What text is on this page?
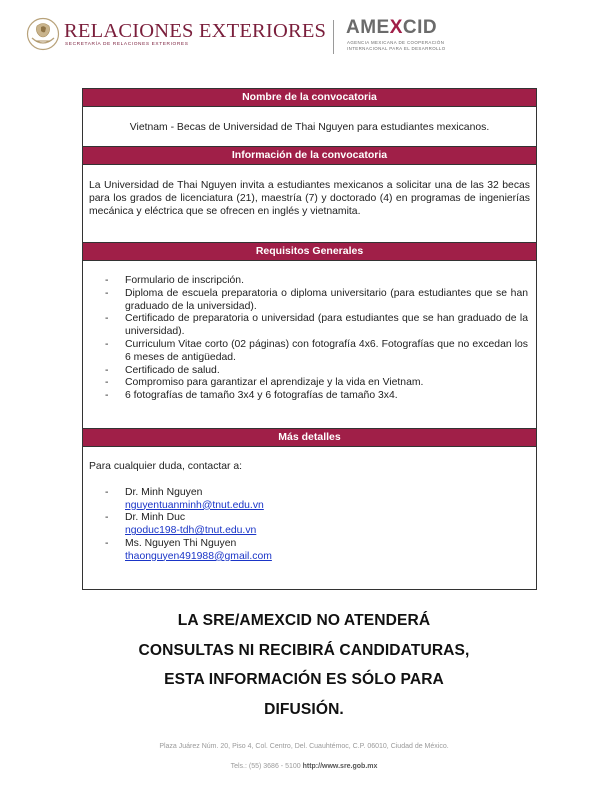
RELACIONES EXTERIORES
SECRETARÍA DE RELACIONES EXTERIORES
AMEXCID
AGENCIA MEXICANA DE COOPERACIÓN INTERNACIONAL PARA EL DESARROLLO
Nombre de la convocatoria
Vietnam - Becas de Universidad de Thai Nguyen para estudiantes mexicanos.
Información de la convocatoria
La Universidad de Thai Nguyen invita a estudiantes mexicanos a solicitar una de las 32 becas para los grados de licenciatura (21), maestría (7) y doctorado (4) en programas de ingenierías mecánica y eléctrica que se ofrecen en inglés y vietnamita.
Requisitos Generales
- Formulario de inscripción.
- Diploma de escuela preparatoria o diploma universitario (para estudiantes que se han graduado de la universidad).
- Certificado de preparatoria o universidad (para estudiantes que se han graduado de la universidad).
- Curriculum Vitae corto (02 páginas) con fotografía 4x6. Fotografías que no excedan los 6 meses de antigüedad.
- Certificado de salud.
- Compromiso para garantizar el aprendizaje y la vida en Vietnam.
- 6 fotografías de tamaño 3x4 y 6 fotografías de tamaño 3x4.
Más detalles
Para cualquier duda, contactar a:
- Dr. Minh Nguyen
nguyentuanminh@tnut.edu.vn
- Dr. Minh Duc
ngoduc198-tdh@tnut.edu.vn
- Ms. Nguyen Thi Nguyen
thaonguyen491988@gmail.com
LA SRE/AMEXCID NO ATENDERÁ
CONSULTAS NI RECIBIRÁ CANDIDATURAS,
ESTA INFORMACIÓN ES SÓLO PARA
DIFUSIÓN.
Plaza Juárez Núm. 20, Piso 4, Col. Centro, Del. Cuauhtémoc, C.P. 06010, Ciudad de México.
Tels.: (55) 3686 - 5100 http://www.sre.gob.mx
